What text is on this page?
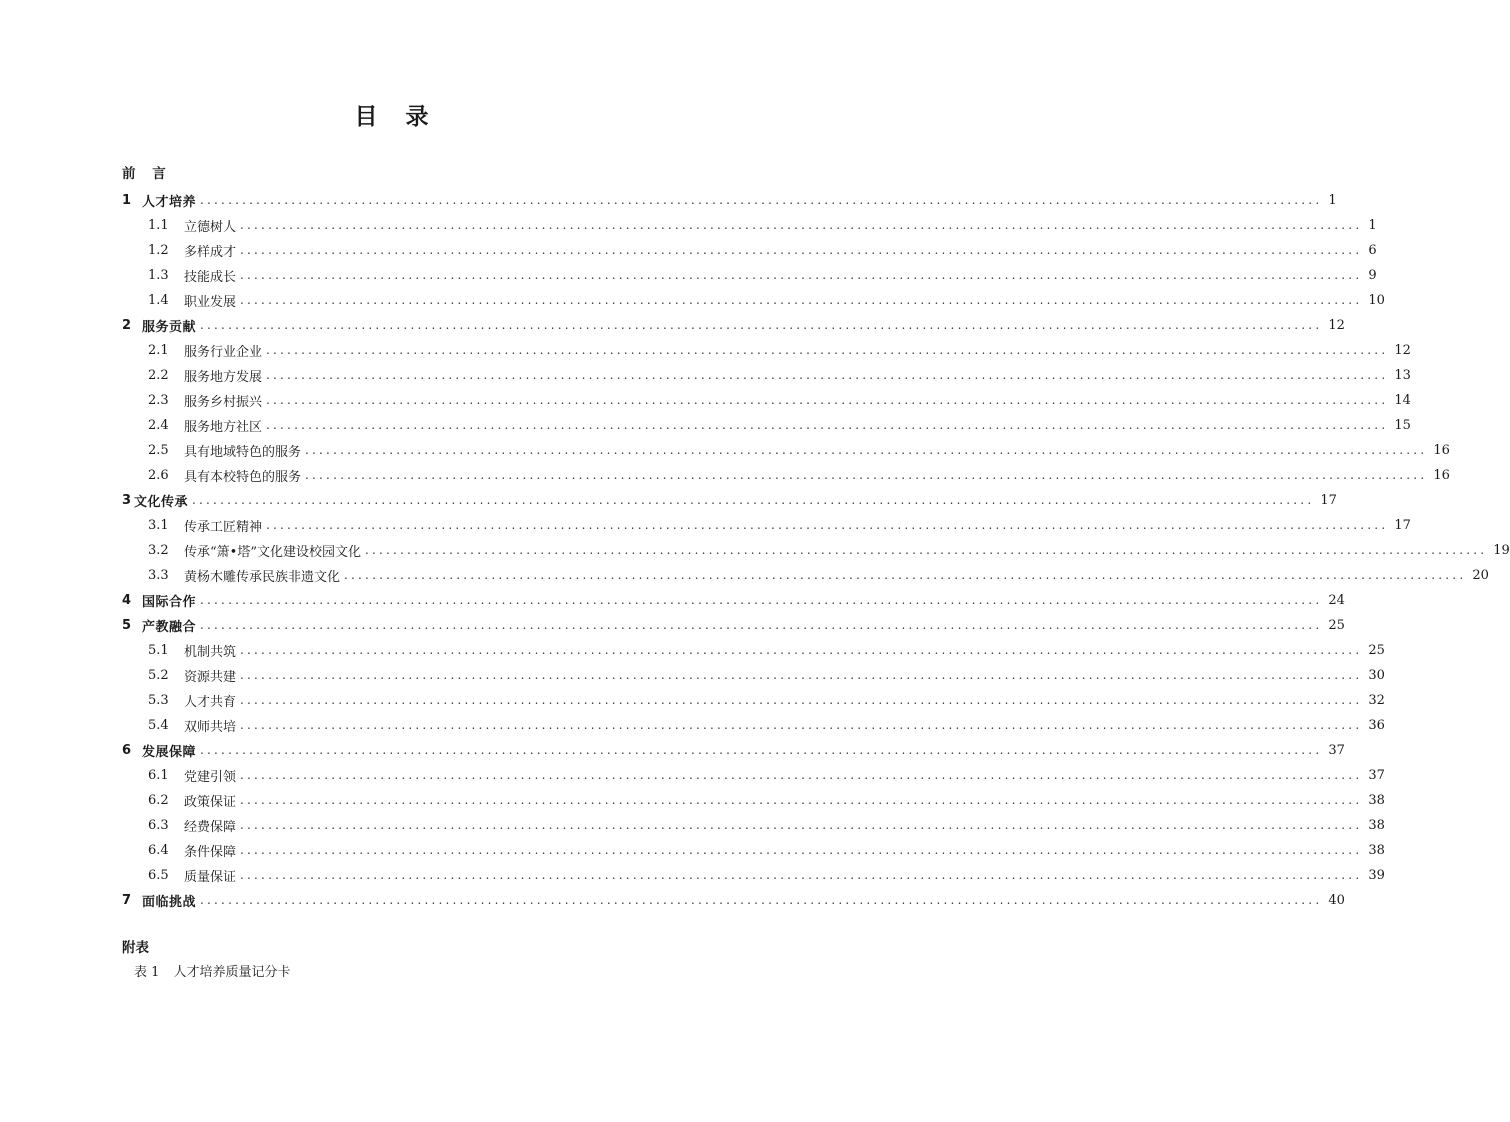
目 录
前 言
1 人才培养 ................................................................................................................................................................ 1
1.1	立德树人 ................................................................................................................................................................ 1
1.2	多样成才 ................................................................................................................................................................ 6
1.3	技能成长 ................................................................................................................................................................ 9
1.4	职业发展 ................................................................................................................................................................ 10
2 服务贡献 ................................................................................................................................................................ 12
2.1	服务行业企业 ................................................................................................................................................................ 12
2.2	服务地方发展 ................................................................................................................................................................ 13
2.3	服务乡村振兴 ................................................................................................................................................................ 14
2.4	服务地方社区 ................................................................................................................................................................ 15
2.5	具有地域特色的服务 ................................................................................................................................................................ 16
2.6	具有本校特色的服务 ................................................................................................................................................................ 16
3 文化传承 ................................................................................................................................................................ 17
3.1	传承工匠精神 ................................................................................................................................................................ 17
3.2	传承“箫•塔”文化建设校园文化 ................................................................................................................................................................ 19
3.3	黄杨木雕传承民族非遗文化 ................................................................................................................................................................ 20
4 国际合作 ................................................................................................................................................................ 24
5 产教融合 ................................................................................................................................................................ 25
5.1	机制共筑 ................................................................................................................................................................ 25
5.2	资源共建 ................................................................................................................................................................ 30
5.3	人才共育 ................................................................................................................................................................ 32
5.4	双师共培 ................................................................................................................................................................ 36
6 发展保障 ................................................................................................................................................................ 37
6.1	党建引领 ................................................................................................................................................................ 37
6.2	政策保证 ................................................................................................................................................................ 38
6.3	经费保障 ................................................................................................................................................................ 38
6.4	条件保障 ................................................................................................................................................................ 38
6.5	质量保证 ................................................................................................................................................................ 39
7 面临挑战 ................................................................................................................................................................ 40
附表
表 1 人才培养质量记分卡
